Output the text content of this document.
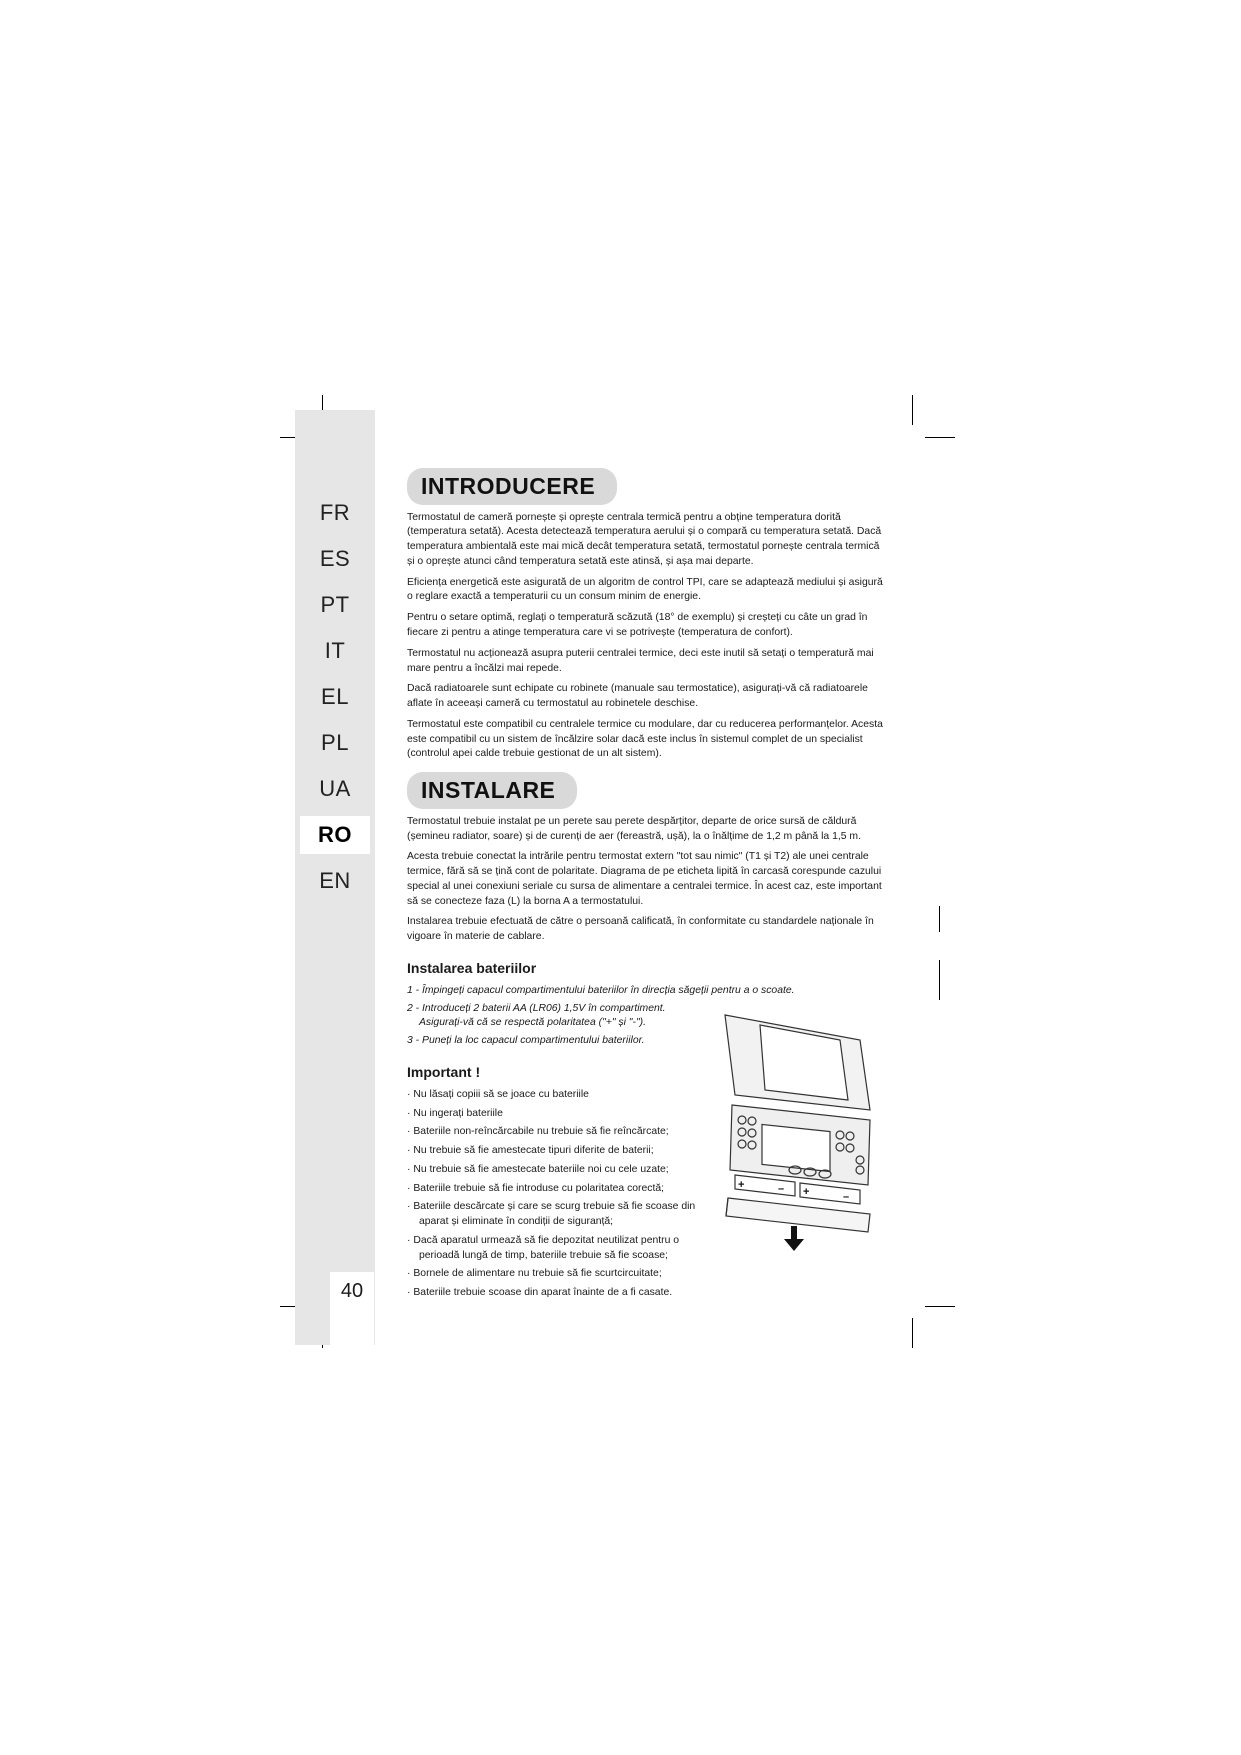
FR
ES
PT
IT
EL
PL
UA
RO
EN
40
INTRODUCERE

Termostatul de cameră pornește și oprește centrala termică pentru a obține temperatura dorită (temperatura setată). Acesta detectează temperatura aerului și o compară cu temperatura setată. Dacă temperatura ambientală este mai mică decât temperatura setată, termostatul pornește centrala termică și o oprește atunci când temperatura setată este atinsă, și așa mai departe.

Eficiența energetică este asigurată de un algoritm de control TPI, care se adaptează mediului și asigură o reglare exactă a temperaturii cu un consum minim de energie.

Pentru o setare optimă, reglați o temperatură scăzută (18° de exemplu) și creșteți cu câte un grad în fiecare zi pentru a atinge temperatura care vi se potrivește (temperatura de confort).

Termostatul nu acționează asupra puterii centralei termice, deci este inutil să setați o temperatură mai mare pentru a încălzi mai repede.

Dacă radiatoarele sunt echipate cu robinete (manuale sau termostatice), asigurați-vă că radiatoarele aflate în aceeași cameră cu termostatul au robinetele deschise.

Termostatul este compatibil cu centralele termice cu modulare, dar cu reducerea performanțelor. Acesta este compatibil cu un sistem de încălzire solar dacă este inclus în sistemul complet de un specialist (controlul apei calde trebuie gestionat de un alt sistem).

INSTALARE

Termostatul trebuie instalat pe un perete sau perete despărțitor, departe de orice sursă de căldură (șemineu radiator, soare) și de curenți de aer (fereastră, ușă), la o înălțime de 1,2 m până la 1,5 m.

Acesta trebuie conectat la intrările pentru termostat extern "tot sau nimic" (T1 și T2) ale unei centrale termice, fără să se țină cont de polaritate. Diagrama de pe eticheta lipită în carcasă corespunde cazului special al unei conexiuni seriale cu sursa de alimentare a centralei termice. În acest caz, este important să se conecteze faza (L) la borna A a termostatului.

Instalarea trebuie efectuată de către o persoană calificată, în conformitate cu standardele naționale în vigoare în materie de cablare.

Instalarea bateriilor
1 - Împingeți capacul compartimentului bateriilor în direcția săgeții pentru a o scoate.
2 - Introduceți 2 baterii AA (LR06) 1,5V în compartiment. Asigurați-vă că se respectă polaritatea ("+" și "-").
3 - Puneți la loc capacul compartimentului bateriilor.
Important !
· Nu lăsați copiii să se joace cu bateriile
· Nu ingerați bateriile
· Bateriile non-reîncărcabile nu trebuie să fie reîncărcate;
· Nu trebuie să fie amestecate tipuri diferite de baterii;
· Nu trebuie să fie amestecate bateriile noi cu cele uzate;
· Bateriile trebuie să fie introduse cu polaritatea corectă;
· Bateriile descărcate și care se scurg trebuie să fie scoase din aparat și eliminate în condiții de siguranță;
· Dacă aparatul urmează să fie depozitat neutilizat pentru o perioadă lungă de timp, bateriile trebuie să fie scoase;
· Bornele de alimentare nu trebuie să fie scurtcircuitate;
· Bateriile trebuie scoase din aparat înainte de a fi casate.
+	– +	–
